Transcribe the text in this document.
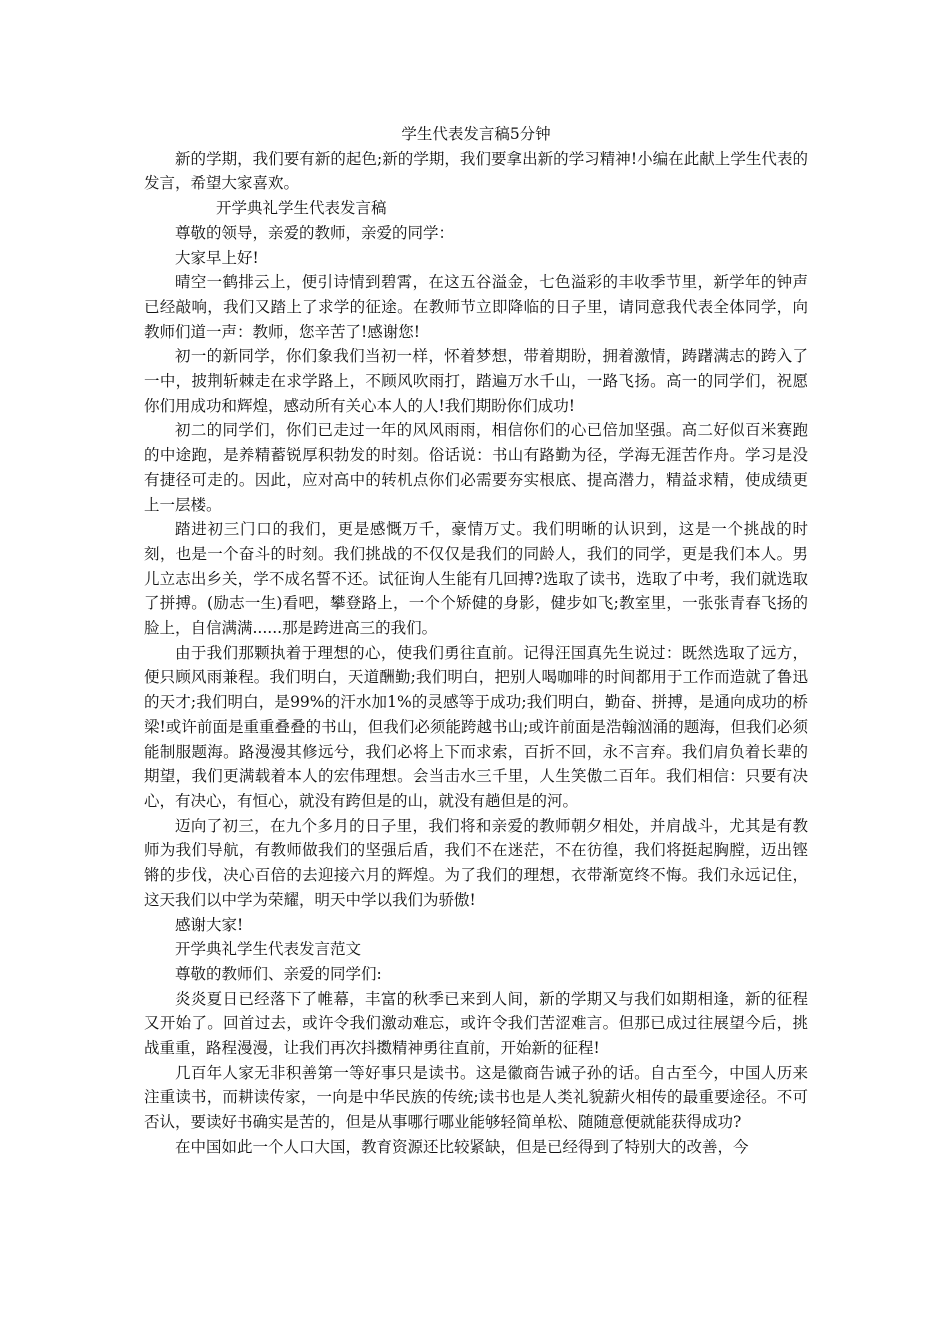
学生代表发言稿5分钟

新的学期，我们要有新的起色;新的学期，我们要拿出新的学习精神!小编在此献上学生代表的发言，希望大家喜欢。

开学典礼学生代表发言稿

尊敬的领导，亲爱的教师，亲爱的同学：

大家早上好!

晴空一鹤排云上，便引诗情到碧霄，在这五谷溢金，七色溢彩的丰收季节里，新学年的钟声已经敲响，我们又踏上了求学的征途。在教师节立即降临的日子里，请同意我代表全体同学，向教师们道一声：教师，您辛苦了!感谢您!

初一的新同学，你们象我们当初一样，怀着梦想，带着期盼，拥着激情，踌躇满志的跨入了一中，披荆斩棘走在求学路上，不顾风吹雨打，踏遍万水千山，一路飞扬。高一的同学们，祝愿你们用成功和辉煌，感动所有关心本人的人!我们期盼你们成功!

初二的同学们，你们已走过一年的风风雨雨，相信你们的心已倍加坚强。高二好似百米赛跑的中途跑，是养精蓄锐厚积勃发的时刻。俗话说：书山有路勤为径，学海无涯苦作舟。学习是没有捷径可走的。因此，应对高中的转机点你们必需要夯实根底、提高潜力，精益求精，使成绩更上一层楼。

踏进初三门口的我们，更是感慨万千，豪情万丈。我们明晰的认识到，这是一个挑战的时刻，也是一个奋斗的时刻。我们挑战的不仅仅是我们的同龄人，我们的同学，更是我们本人。男儿立志出乡关，学不成名誓不还。试征询人生能有几回搏?选取了读书，选取了中考，我们就选取了拼搏。(励志一生)看吧，攀登路上，一个个矫健的身影，健步如飞;教室里，一张张青春飞扬的脸上，自信满满......那是跨进高三的我们。

由于我们那颗执着于理想的心，使我们勇往直前。记得汪国真先生说过：既然选取了远方，便只顾风雨兼程。我们明白，天道酬勤;我们明白，把别人喝咖啡的时间都用于工作而造就了鲁迅的天才;我们明白，是99%的汗水加1%的灵感等于成功;我们明白，勤奋、拼搏，是通向成功的桥梁!或许前面是重重叠叠的书山，但我们必须能跨越书山;或许前面是浩翰汹涌的题海，但我们必须能制服题海。路漫漫其修远兮，我们必将上下而求索，百折不回，永不言弃。我们肩负着长辈的期望，我们更满载着本人的宏伟理想。会当击水三千里，人生笑傲二百年。我们相信：只要有决心，有决心，有恒心，就没有跨但是的山，就没有趟但是的河。

迈向了初三，在九个多月的日子里，我们将和亲爱的教师朝夕相处，并肩战斗，尤其是有教师为我们导航，有教师做我们的坚强后盾，我们不在迷茫，不在彷徨，我们将挺起胸膛，迈出铿锵的步伐，决心百倍的去迎接六月的辉煌。为了我们的理想，衣带渐宽终不悔。我们永远记住，这天我们以中学为荣耀，明天中学以我们为骄傲!

感谢大家!

开学典礼学生代表发言范文

尊敬的教师们、亲爱的同学们:

炎炎夏日已经落下了帷幕，丰富的秋季已来到人间，新的学期又与我们如期相逢，新的征程又开始了。回首过去，或许令我们激动难忘，或许令我们苦涩难言。但那已成过往展望今后，挑战重重，路程漫漫，让我们再次抖擞精神勇往直前，开始新的征程!

几百年人家无非积善第一等好事只是读书。这是徽商告诫子孙的话。自古至今，中国人历来注重读书，而耕读传家，一向是中华民族的传统;读书也是人类礼貌薪火相传的最重要途径。不可否认，要读好书确实是苦的，但是从事哪行哪业能够轻简单松、随随意便就能获得成功?

在中国如此一个人口大国，教育资源还比较紧缺，但是已经得到了特别大的改善，今
